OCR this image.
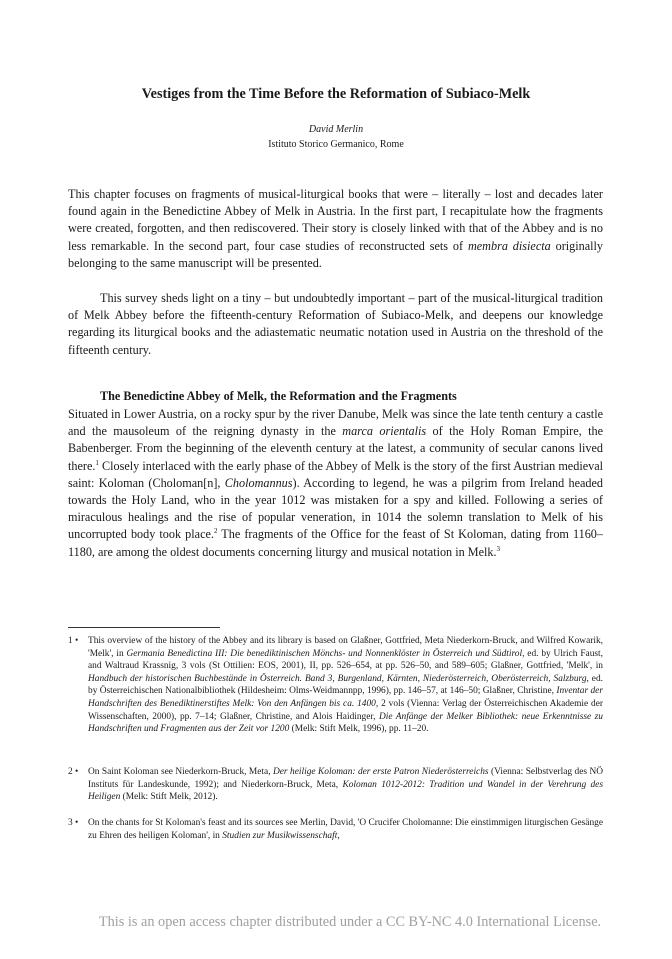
Vestiges from the Time Before the Reformation of Subiaco-Melk
David Merlin
Istituto Storico Germanico, Rome

This chapter focuses on fragments of musical-liturgical books that were – literally – lost and decades later found again in the Benedictine Abbey of Melk in Austria. In the first part, I recapitulate how the fragments were created, forgotten, and then rediscovered. Their story is closely linked with that of the Abbey and is no less remarkable. In the second part, four case studies of reconstructed sets of membra disiecta originally belonging to the same manuscript will be presented.

This survey sheds light on a tiny – but undoubtedly important – part of the musical-liturgical tradition of Melk Abbey before the fifteenth-century Reformation of Subiaco-Melk, and deepens our knowledge regarding its liturgical books and the adiastematic neumatic notation used in Austria on the threshold of the fifteenth century.

The Benedictine Abbey of Melk, the Reformation and the Fragments

Situated in Lower Austria, on a rocky spur by the river Danube, Melk was since the late tenth century a castle and the mausoleum of the reigning dynasty in the marca orientalis of the Holy Roman Empire, the Babenberger. From the beginning of the eleventh century at the latest, a community of secular canons lived there.$^1$ Closely interlaced with the early phase of the Abbey of Melk is the story of the first Austrian medieval saint: Koloman (Choloman[n], Cholomannus). According to legend, he was a pilgrim from Ireland headed towards the Holy Land, who in the year 1012 was mistaken for a spy and killed. Following a series of miraculous healings and the rise of popular veneration, in 1014 the solemn translation to Melk of his uncorrupted body took place.$^2$ The fragments of the Office for the feast of St Koloman, dating from 1160–1180, are among the oldest documents concerning liturgy and musical notation in Melk.$^3$

1 •	This overview of the history of the Abbey and its library is based on Glaßner, Gottfried, Meta Niederkorn-Bruck, and Wilfred Kowarik, 'Melk', in Germania Benedictina III: Die benediktinischen Mönchs- und Nonnenklöster in Österreich und Südtirol, ed. by Ulrich Faust, and Waltraud Krassnig, 3 vols (St Ottilien: EOS, 2001), II, pp. 526–654, at pp. 526–50, and 589–605; Glaßner, Gottfried, 'Melk', in Handbuch der historischen Buchbestände in Österreich. Band 3, Burgenland, Kärnten, Niederösterreich, Oberösterreich, Salzburg, ed. by Österreichischen Nationalbibliothek (Hildesheim: Olms-Weidmannpp, 1996), pp. 146–57, at 146–50; Glaßner, Christine, Inventar der Handschriften des Benediktinerstiftes Melk: Von den Anfängen bis ca. 1400, 2 vols (Vienna: Verlag der Österreichischen Akademie der Wissenschaften, 2000), pp. 7–14; Glaßner, Christine, and Alois Haidinger, Die Anfänge der Melker Bibliothek: neue Erkenntnisse zu Handschriften und Fragmenten aus der Zeit vor 1200 (Melk: Stift Melk, 1996), pp. 11–20.
2 •	On Saint Koloman see Niederkorn-Bruck, Meta, Der heilige Koloman: der erste Patron Niederösterreichs (Vienna: Selbstverlag des NÖ Instituts für Landeskunde, 1992); and Niederkorn-Bruck, Meta, Koloman 1012-2012: Tradition und Wandel in der Verehrung des Heiligen (Melk: Stift Melk, 2012).
3 •	On the chants for St Koloman's feast and its sources see Merlin, David, 'O Crucifer Cholomanne: Die einstimmigen liturgischen Gesänge zu Ehren des heiligen Koloman', in Studien zur Musikwissenschaft,
This is an open access chapter distributed under a CC BY-NC 4.0 International License.
